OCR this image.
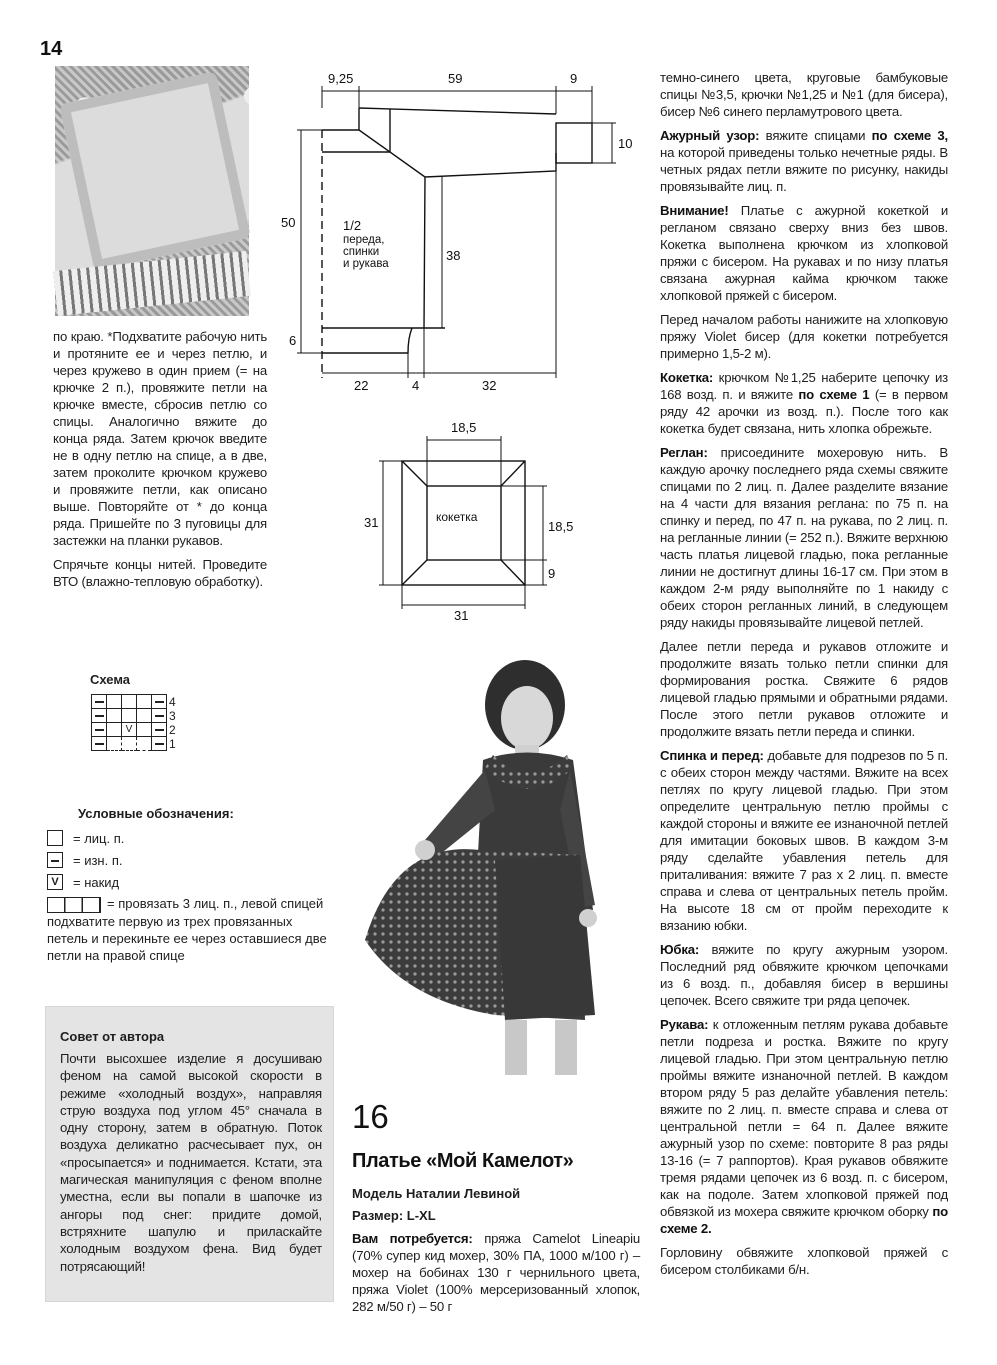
14

по краю. *Подхватите рабочую нить и протяните ее и через петлю, и через кружево в один прием (= на крючке 2 п.), провяжите петли на крючке вместе, сбросив петлю со спицы. Аналогично вяжите до конца ряда. Затем крючок введите не в одну петлю на спице, а в две, затем проколите крючком кружево и провяжите петли, как описано выше. Повторяйте от * до конца ряда. Пришейте по 3 пуговицы для застежки на планки рукавов.

Спрячьте концы нитей. Проведите ВТО (влажно-тепловую обработку).

Схема
					4
					3
		V			2
					1
Условные обозначения:
= лиц. п.
= изн. п.
V	= накид
= провязать 3 лиц. п., левой спицей подхватите первую из трех провязанных петель и перекиньте ее через оставшиеся две петли на правой спице
Совет от автора
Почти высохшее изделие я досушиваю феном на самой высокой скорости в режиме «холодный воздух», направляя струю воздуха под углом 45° сначала в одну сторону, затем в обратную. Поток воздуха деликатно расчесывает пух, он «просыпается» и поднимается. Кстати, эта магическая манипуляция с феном вполне уместна, если вы попали в шапочке из ангоры под снег: придите домой, встряхните шапулю и приласкайте холодным воздухом фена. Вид будет потрясающий!
9,25	59	9
10
50
38
6
22	4	32
1/2
переда,
спинки
и рукава
кокетка
18,5
31	18,5
9
31
16
Платье «Мой Камелот»
Модель Наталии Левиной
Размер: L-XL
Вам потребуется: пряжа Camelot Lineapiu (70% супер кид мохер, 30% ПА, 1000 м/100 г) – мохер на бобинах 130 г чернильного цвета, пряжа Violet (100% мерсеризованный хлопок, 282 м/50 г) – 50 г

темно-синего цвета, круговые бамбуковые спицы №3,5, крючки №1,25 и №1 (для бисера), бисер №6 синего перламутрового цвета.

Ажурный узор: вяжите спицами по схеме 3, на которой приведены только нечетные ряды. В четных рядах петли вяжите по рисунку, накиды провязывайте лиц. п.

Внимание! Платье с ажурной кокеткой и регланом связано сверху вниз без швов. Кокетка выполнена крючком из хлопковой пряжи с бисером. На рукавах и по низу платья связана ажурная кайма крючком также хлопковой пряжей с бисером.

Перед началом работы нанижите на хлопковую пряжу Violet бисер (для кокетки потребуется примерно 1,5-2 м).

Кокетка: крючком №1,25 наберите цепочку из 168 возд. п. и вяжите по схеме 1 (= в первом ряду 42 арочки из возд. п.). После того как кокетка будет связана, нить хлопка обрежьте.

Реглан: присоедините мохеровую нить. В каждую арочку последнего ряда схемы свяжите спицами по 2 лиц. п. Далее разделите вязание на 4 части для вязания реглана: по 75 п. на спинку и перед, по 47 п. на рукава, по 2 лиц. п. на регланные линии (= 252 п.). Вяжите верхнюю часть платья лицевой гладью, пока регланные линии не достигнут длины 16-17 см. При этом в каждом 2-м ряду выполняйте по 1 накиду с обеих сторон регланных линий, в следующем ряду накиды провязывайте лицевой петлей.

Далее петли переда и рукавов отложите и продолжите вязать только петли спинки для формирования ростка. Свяжите 6 рядов лицевой гладью прямыми и обратными рядами. После этого петли рукавов отложите и продолжите вязать петли переда и спинки.

Спинка и перед: добавьте для подрезов по 5 п. с обеих сторон между частями. Вяжите на всех петлях по кругу лицевой гладью. При этом определите центральную петлю проймы с каждой стороны и вяжите ее изнаночной петлей для имитации боковых швов. В каждом 3-м ряду сделайте убавления петель для приталивания: вяжите 7 раз x 2 лиц. п. вместе справа и слева от центральных петель пройм. На высоте 18 см от пройм переходите к вязанию юбки.

Юбка: вяжите по кругу ажурным узором. Последний ряд обвяжите крючком цепочками из 6 возд. п., добавляя бисер в вершины цепочек. Всего свяжите три ряда цепочек.

Рукава: к отложенным петлям рукава добавьте петли подреза и ростка. Вяжите по кругу лицевой гладью. При этом центральную петлю проймы вяжите изнаночной петлей. В каждом втором ряду 5 раз делайте убавления петель: вяжите по 2 лиц. п. вместе справа и слева от центральной петли = 64 п. Далее вяжите ажурный узор по схеме: повторите 8 раз ряды 13-16 (= 7 раппортов). Края рукавов обвяжите тремя рядами цепочек из 6 возд. п. с бисером, как на подоле. Затем хлопковой пряжей под обвязкой из мохера свяжите крючком оборку по схеме 2.

Горловину обвяжите хлопковой пряжей с бисером столбиками б/н.
